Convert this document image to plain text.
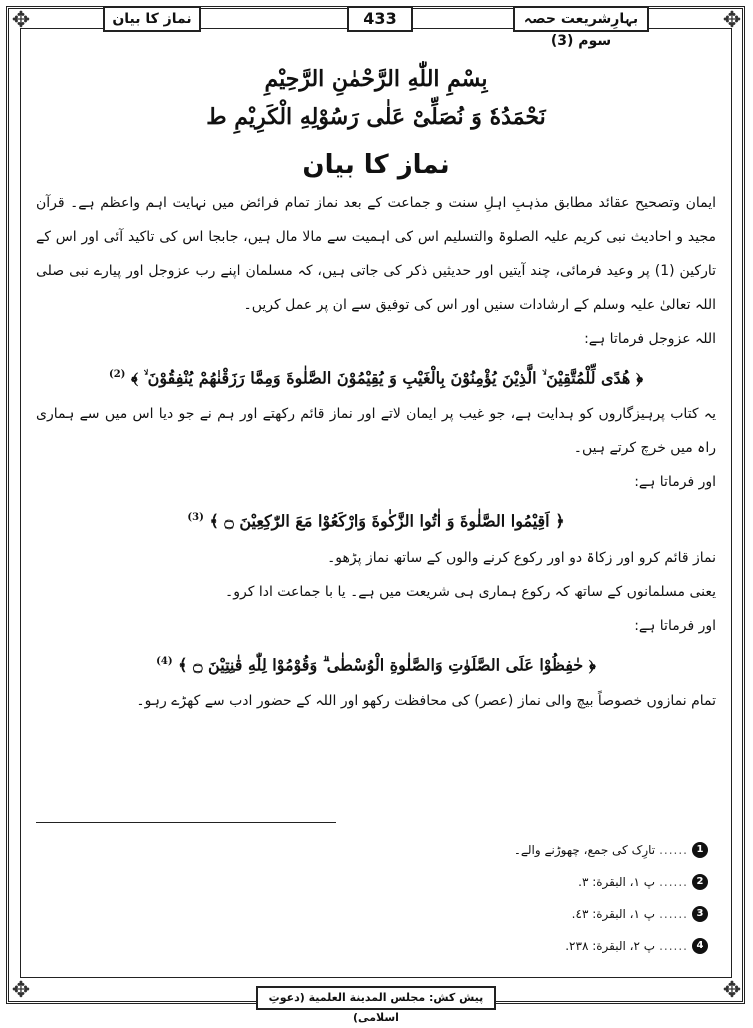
✥	✥
✥	✥
نماز کا بیان	433	بہارِشریعت حصہ سوم (3)

بِسْمِ اللّٰهِ الرَّحْمٰنِ الرَّحِیْمِ

نَحْمَدُهٗ وَ نُصَلِّیْ عَلٰی رَسُوْلِهِ الْكَرِیْمِ ط

نماز کا بیان

ایمان وتصحیح عقائد مطابق مذہبِ اہلِ سنت و جماعت کے بعد نماز تمام فرائض میں نہایت اہم واعظم ہے۔ قرآن مجید و احادیث نبی کریم علیہ الصلوۃ والتسلیم اس کی اہمیت سے مالا مال ہیں، جابجا اس کی تاکید آئی اور اس کے تارکین (1) پر وعید فرمائی، چند آیتیں اور حدیثیں ذکر کی جاتی ہیں، کہ مسلمان اپنے رب عزوجل اور پیارے نبی صلی اللہ تعالیٰ علیہ وسلم کے ارشادات سنیں اور اس کی توفیق سے ان پر عمل کریں۔

اللہ عزوجل فرماتا ہے:

﴿ هُدًى لِّلْمُتَّقِیْنَ ۙ الَّذِیْنَ یُؤْمِنُوْنَ بِالْغَیْبِ وَ یُقِیْمُوْنَ الصَّلٰوةَ وَمِمَّا رَزَقْنٰهُمْ یُنْفِقُوْنَ ۙ ﴾ $^{(2)}$

یہ کتاب پرہیزگاروں کو ہدایت ہے، جو غیب پر ایمان لاتے اور نماز قائم رکھتے اور ہم نے جو دیا اس میں سے ہماری راہ میں خرچ کرتے ہیں۔

اور فرماتا ہے:

﴿ اَقِیْمُوا الصَّلٰوةَ وَ اٰتُوا الزَّكٰوةَ وَارْكَعُوْا مَعَ الرّٰكِعِیْنَ ۝ ﴾ $^{(3)}$

نماز قائم کرو اور زکاۃ دو اور رکوع کرنے والوں کے ساتھ نماز پڑھو۔

یعنی مسلمانوں کے ساتھ کہ رکوع ہماری ہی شریعت میں ہے۔ یا با جماعت ادا کرو۔

اور فرماتا ہے:

﴿ حٰفِظُوْا عَلَى الصَّلَوٰتِ وَالصَّلٰوةِ الْوُسْطٰى ۗ وَقُوْمُوْا لِلّٰهِ قٰنِتِیْنَ ۝ ﴾ $^{(4)}$

تمام نمازوں خصوصاً بیچ والی نماز (عصر) کی محافظت رکھو اور اللہ کے حضور ادب سے کھڑے رہو۔

1
......
تارِک کی جمع، چھوڑنے والے۔
2
......
پ ۱، البقرة: ۳.
3
......
پ ۱، البقرة: ٤٣.
4
......
پ ۲، البقرة: ۲۳۸.
پیش کش: مجلس المدینة العلمیة (دعوتِ اسلامی)
